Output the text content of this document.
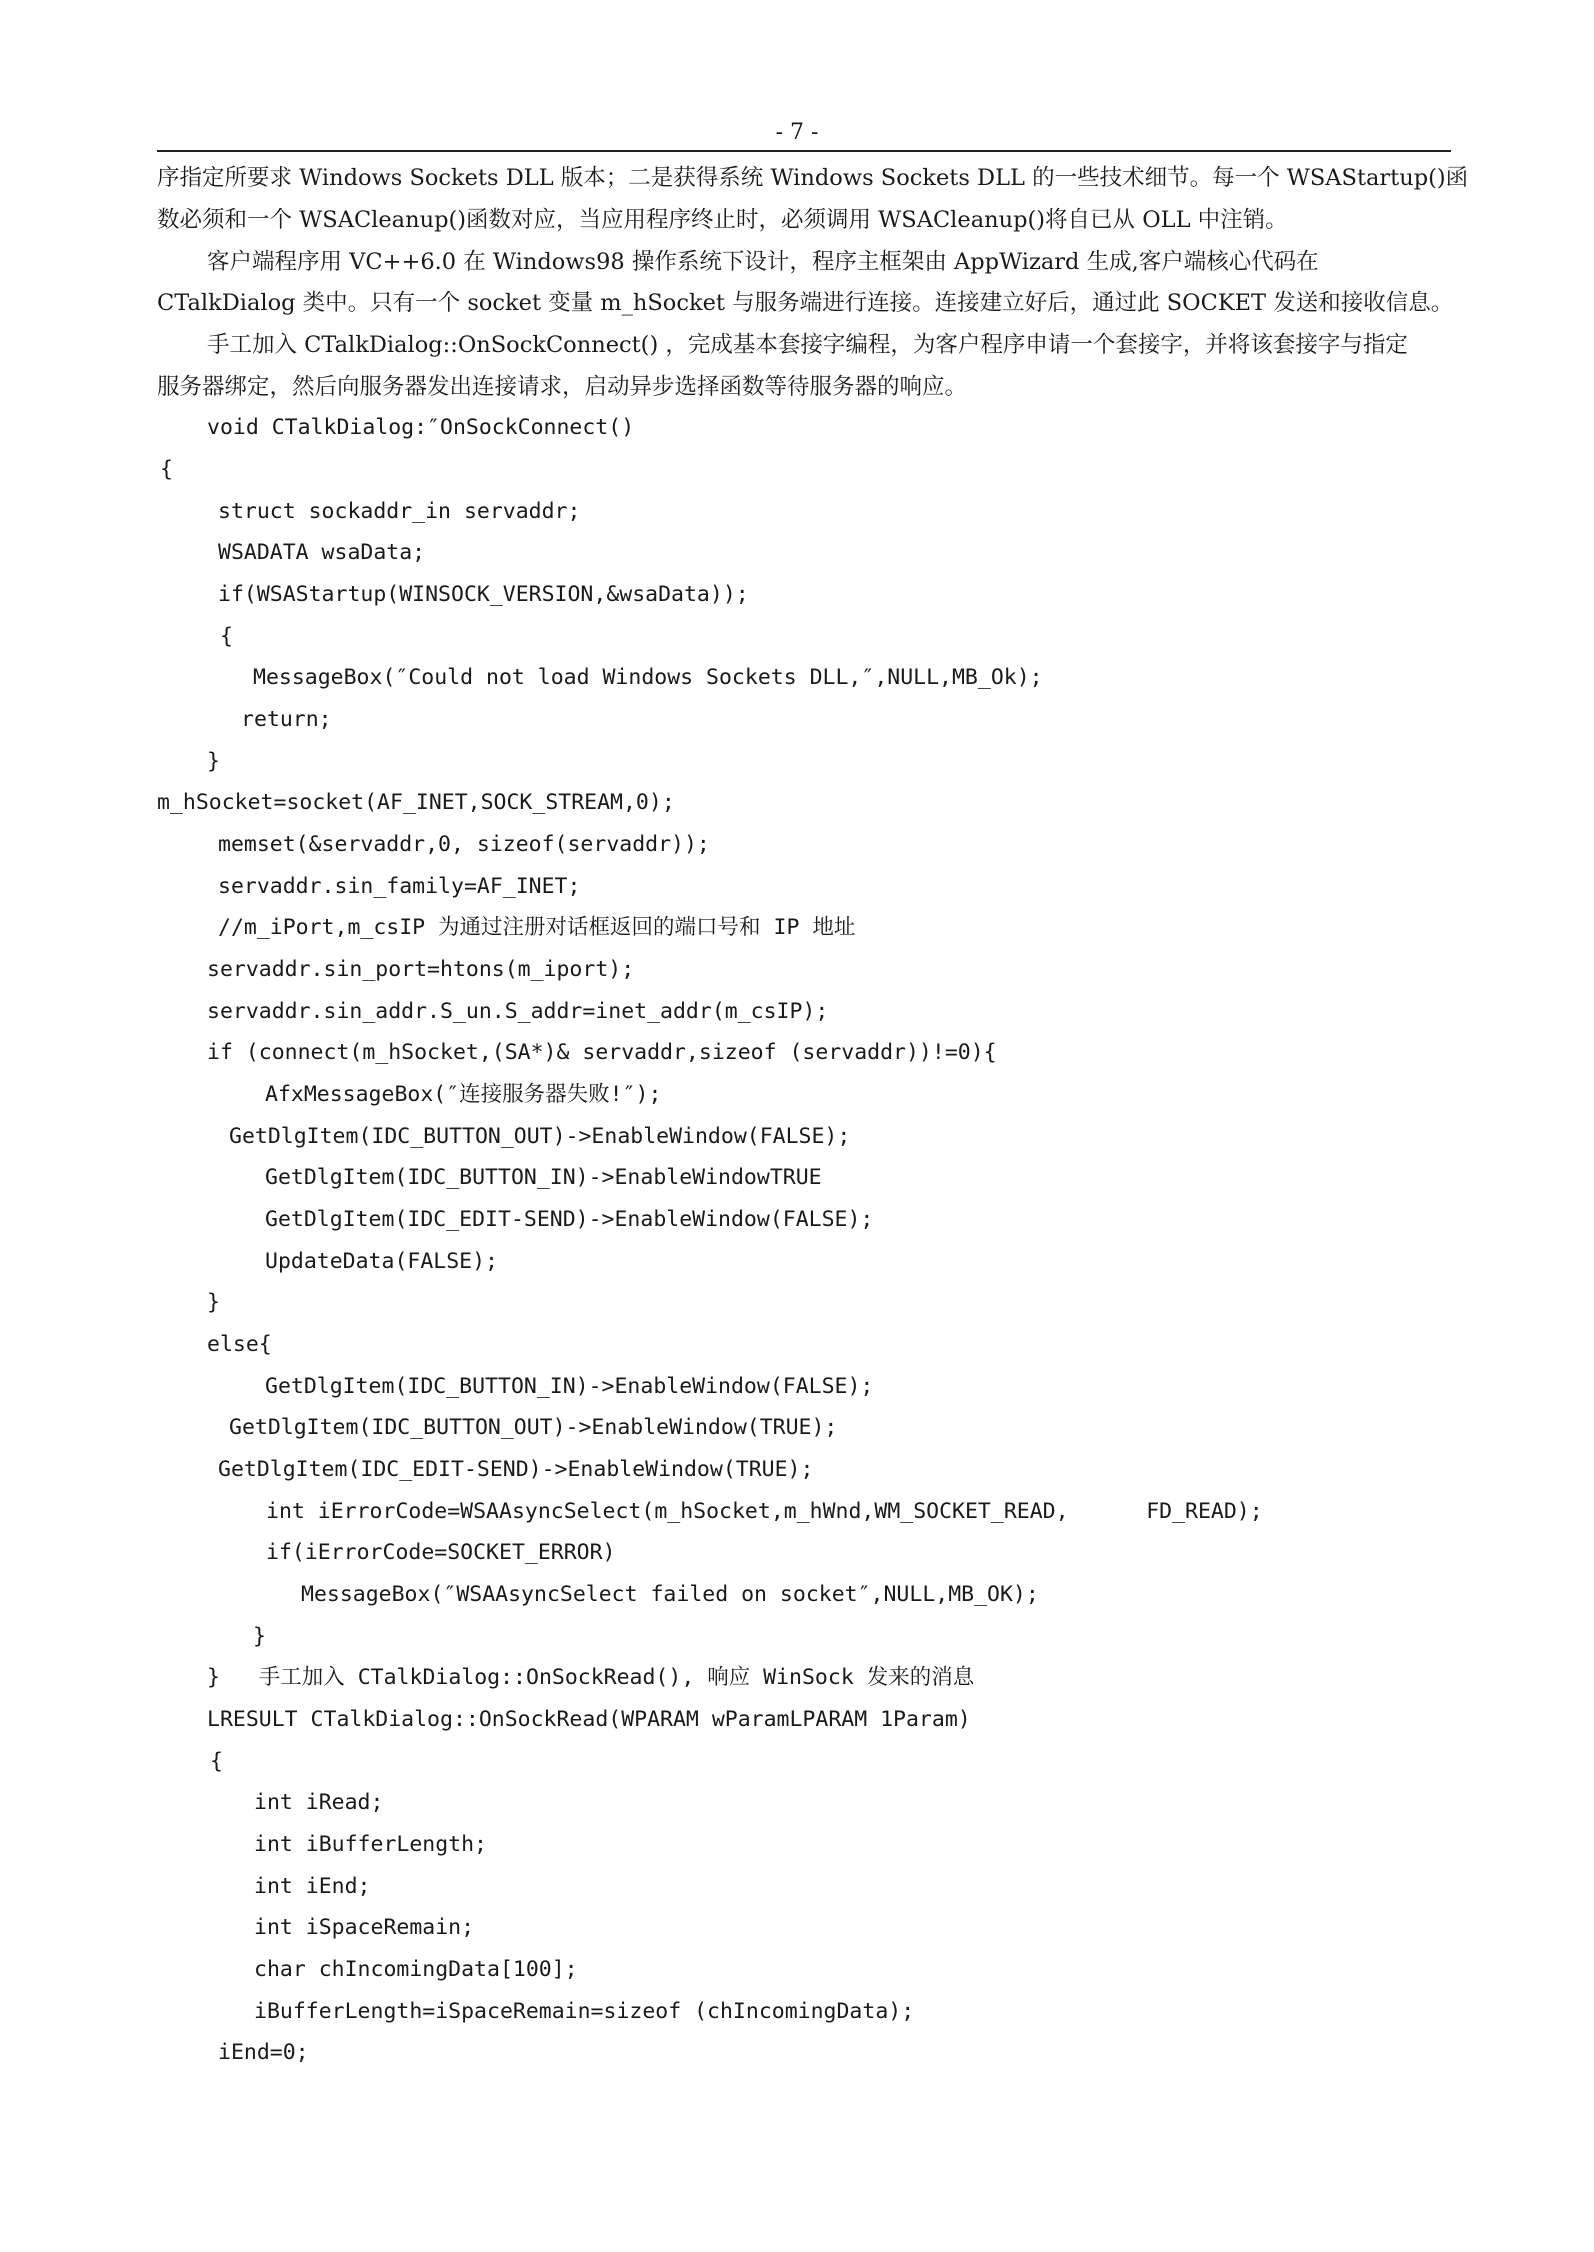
- 7 -
序指定所要求 Windows Sockets DLL 版本；二是获得系统 Windows Sockets DLL 的一些技术细节。每一个 WSAStartup()函
数必须和一个 WSACleanup()函数对应，当应用程序终止时，必须调用 WSACleanup()将自已从 OLL 中注销。
客户端程序用 VC++6.0 在 Windows98 操作系统下设计，程序主框架由 AppWizard 生成,客户端核心代码在
CTalkDialog 类中。只有一个 socket 变量 m_hSocket 与服务端进行连接。连接建立好后，通过此 SOCKET 发送和接收信息。
手工加入 CTalkDialog::OnSockConnect() ，完成基本套接字编程，为客户程序申请一个套接字，并将该套接字与指定
服务器绑定，然后向服务器发出连接请求，启动异步选择函数等待服务器的响应。
void CTalkDialog:″OnSockConnect()
{
struct sockaddr_in servaddr;
WSADATA wsaData;
if(WSAStartup(WINSOCK_VERSION,&wsaData));
{
MessageBox(″Could not load Windows Sockets DLL,″,NULL,MB_Ok);
return;
}
m_hSocket=socket(AF_INET,SOCK_STREAM,0);
memset(&servaddr,0, sizeof(servaddr));
servaddr.sin_family=AF_INET;
//m_iPort,m_csIP 为通过注册对话框返回的端口号和 IP 地址
servaddr.sin_port=htons(m_iport);
servaddr.sin_addr.S_un.S_addr=inet_addr(m_csIP);
if (connect(m_hSocket,(SA*)& servaddr,sizeof (servaddr))!=0){
AfxMessageBox(″连接服务器失败!″);
GetDlgItem(IDC_BUTTON_OUT)->EnableWindow(FALSE);
GetDlgItem(IDC_BUTTON_IN)->EnableWindowTRUE
GetDlgItem(IDC_EDIT-SEND)->EnableWindow(FALSE);
UpdateData(FALSE);
}
else{
GetDlgItem(IDC_BUTTON_IN)->EnableWindow(FALSE);
GetDlgItem(IDC_BUTTON_OUT)->EnableWindow(TRUE);
GetDlgItem(IDC_EDIT-SEND)->EnableWindow(TRUE);
int iErrorCode=WSAAsyncSelect(m_hSocket,m_hWnd,WM_SOCKET_READ,      FD_READ);
if(iErrorCode=SOCKET_ERROR)
MessageBox(″WSAAsyncSelect failed on socket″,NULL,MB_OK);
}
}   手工加入 CTalkDialog::OnSockRead(), 响应 WinSock 发来的消息
LRESULT CTalkDialog::OnSockRead(WPARAM wParamLPARAM 1Param)
{
int iRead;
int iBufferLength;
int iEnd;
int iSpaceRemain;
char chIncomingData[100];
iBufferLength=iSpaceRemain=sizeof (chIncomingData);
iEnd=0;
